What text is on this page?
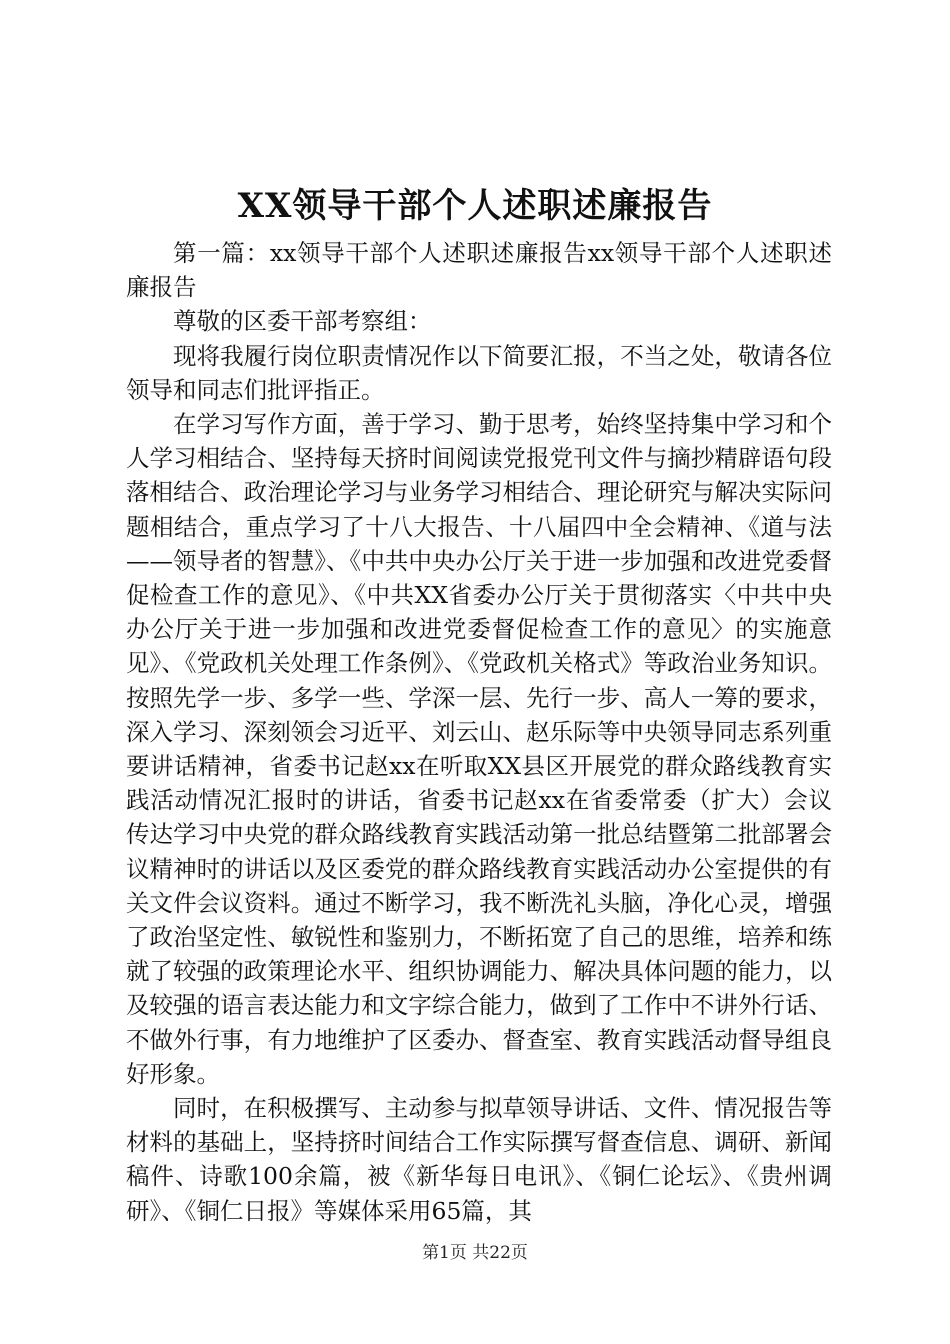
XX领导干部个人述职述廉报告

第一篇：xx领导干部个人述职述廉报告xx领导干部个人述职述廉报告

尊敬的区委干部考察组：

现将我履行岗位职责情况作以下简要汇报，不当之处，敬请各位领导和同志们批评指正。

在学习写作方面，善于学习、勤于思考，始终坚持集中学习和个人学习相结合、坚持每天挤时间阅读党报党刊文件与摘抄精辟语句段落相结合、政治理论学习与业务学习相结合、理论研究与解决实际问题相结合，重点学习了十八大报告、十八届四中全会精神、《道与法——领导者的智慧》、《中共中央办公厅关于进一步加强和改进党委督促检查工作的意见》、《中共XX省委办公厅关于贯彻落实〈中共中央办公厅关于进一步加强和改进党委督促检查工作的意见〉的实施意见》、《党政机关处理工作条例》、《党政机关格式》等政治业务知识。按照先学一步、多学一些、学深一层、先行一步、高人一筹的要求，深入学习、深刻领会习近平、刘云山、赵乐际等中央领导同志系列重要讲话精神，省委书记赵xx在听取XX县区开展党的群众路线教育实践活动情况汇报时的讲话，省委书记赵xx在省委常委（扩大）会议传达学习中央党的群众路线教育实践活动第一批总结暨第二批部署会议精神时的讲话以及区委党的群众路线教育实践活动办公室提供的有关文件会议资料。通过不断学习，我不断洗礼头脑，净化心灵，增强了政治坚定性、敏锐性和鉴别力，不断拓宽了自己的思维，培养和练就了较强的政策理论水平、组织协调能力、解决具体问题的能力，以及较强的语言表达能力和文字综合能力，做到了工作中不讲外行话、不做外行事，有力地维护了区委办、督查室、教育实践活动督导组良好形象。

同时，在积极撰写、主动参与拟草领导讲话、文件、情况报告等材料的基础上，坚持挤时间结合工作实际撰写督查信息、调研、新闻稿件、诗歌100余篇，被《新华每日电讯》、《铜仁论坛》、《贵州调研》、《铜仁日报》等媒体采用65篇，其

第1页 共22页
